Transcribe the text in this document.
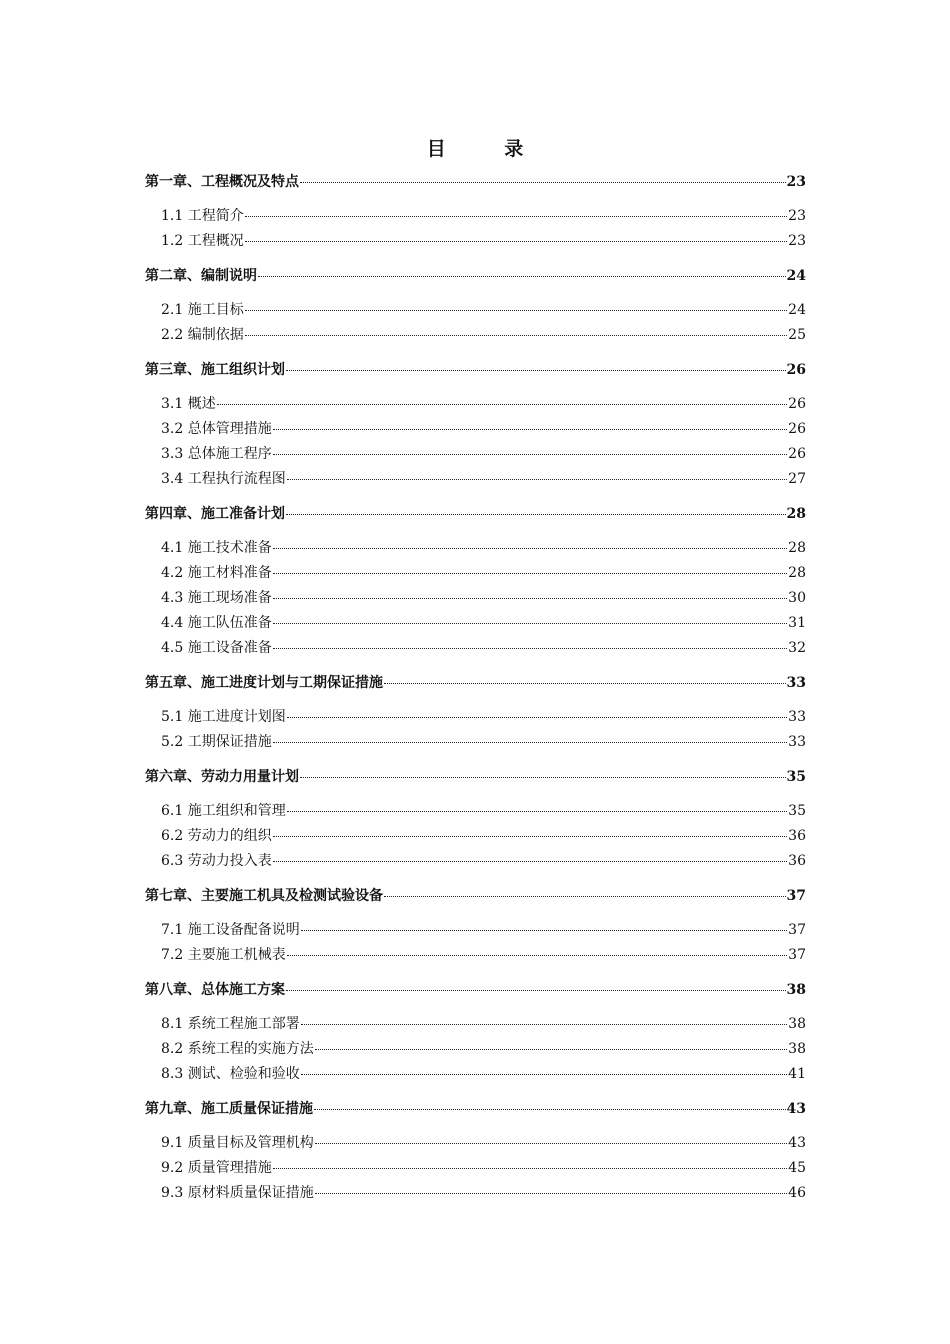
目 录
第一章、工程概况及特点	23
1.1 工程简介	23
1.2 工程概况	23
第二章、编制说明	24
2.1 施工目标	24
2.2 编制依据	25
第三章、施工组织计划	26
3.1 概述	26
3.2 总体管理措施	26
3.3 总体施工程序	26
3.4 工程执行流程图	27
第四章、施工准备计划	28
4.1 施工技术准备	28
4.2 施工材料准备	28
4.3 施工现场准备	30
4.4 施工队伍准备	31
4.5 施工设备准备	32
第五章、施工进度计划与工期保证措施	33
5.1 施工进度计划图	33
5.2 工期保证措施	33
第六章、劳动力用量计划	35
6.1 施工组织和管理	35
6.2 劳动力的组织	36
6.3 劳动力投入表	36
第七章、主要施工机具及检测试验设备	37
7.1 施工设备配备说明	37
7.2 主要施工机械表	37
第八章、总体施工方案	38
8.1 系统工程施工部署	38
8.2 系统工程的实施方法	38
8.3 测试、检验和验收	41
第九章、施工质量保证措施	43
9.1 质量目标及管理机构	43
9.2 质量管理措施	45
9.3 原材料质量保证措施	46
